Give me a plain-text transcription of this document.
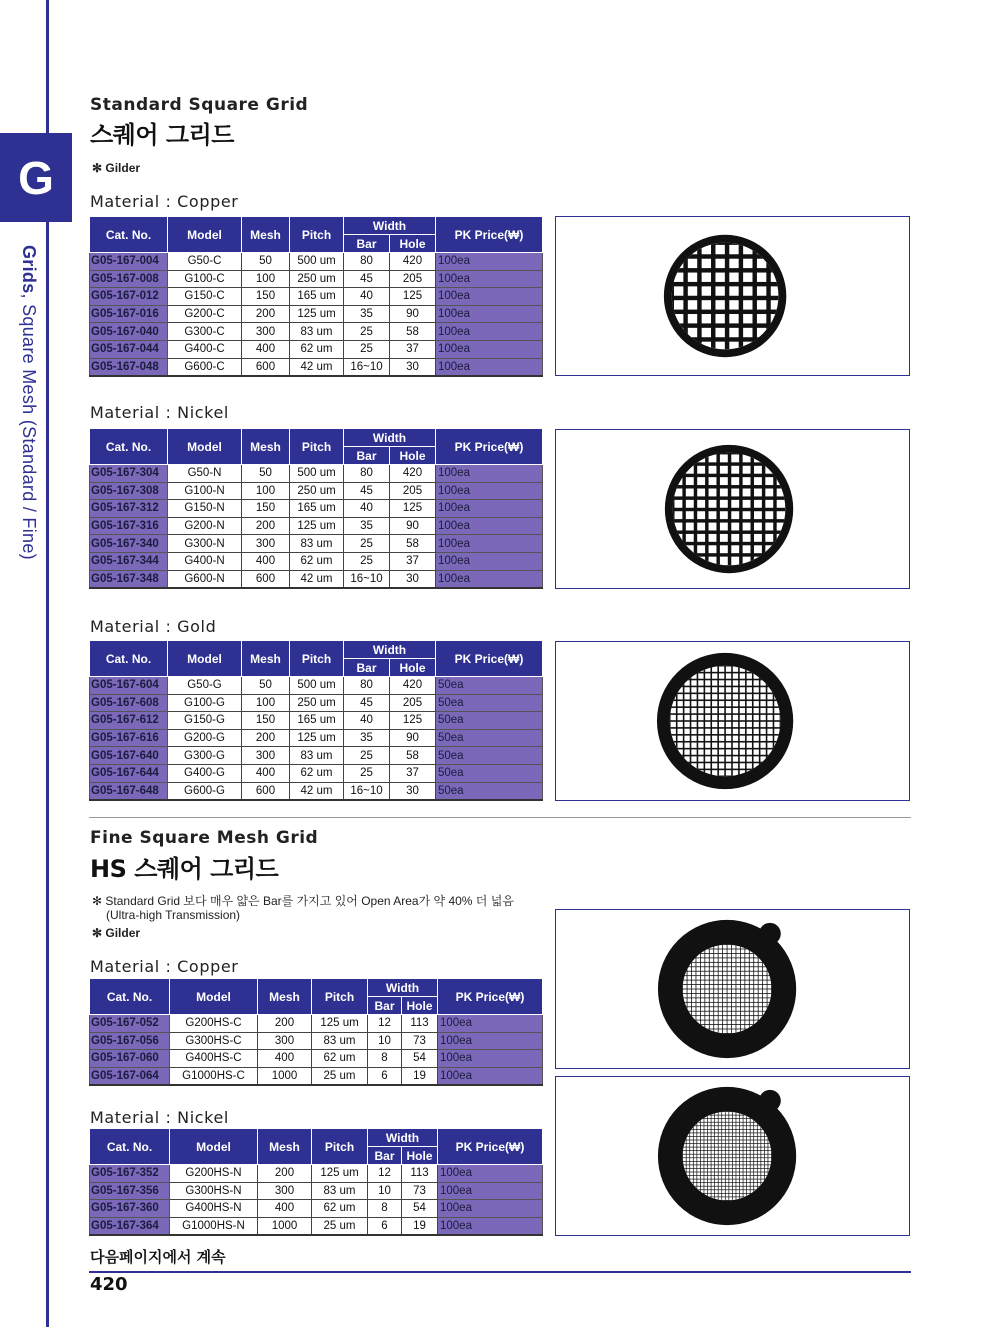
G
Grids, Square Mesh (Standard / Fine)
Standard Square Grid
스퀘어 그리드
✻ Gilder
Material : Copper
Cat. No.	Model	Mesh	Pitch	Width		PK Price(₩)
				Bar	Hole	
G05-167-004	G50-C	50	500 um	80	420	100ea
G05-167-008	G100-C	100	250 um	45	205	100ea
G05-167-012	G150-C	150	165 um	40	125	100ea
G05-167-016	G200-C	200	125 um	35	90	100ea
G05-167-040	G300-C	300	83 um	25	58	100ea
G05-167-044	G400-C	400	62 um	25	37	100ea
G05-167-048	G600-C	600	42 um	16~10	30	100ea
Material : Nickel
Cat. No.	Model	Mesh	Pitch	Width		PK Price(₩)
				Bar	Hole	
G05-167-304	G50-N	50	500 um	80	420	100ea
G05-167-308	G100-N	100	250 um	45	205	100ea
G05-167-312	G150-N	150	165 um	40	125	100ea
G05-167-316	G200-N	200	125 um	35	90	100ea
G05-167-340	G300-N	300	83 um	25	58	100ea
G05-167-344	G400-N	400	62 um	25	37	100ea
G05-167-348	G600-N	600	42 um	16~10	30	100ea
Material : Gold
Cat. No.	Model	Mesh	Pitch	Width		PK Price(₩)
				Bar	Hole	
G05-167-604	G50-G	50	500 um	80	420	50ea
G05-167-608	G100-G	100	250 um	45	205	50ea
G05-167-612	G150-G	150	165 um	40	125	50ea
G05-167-616	G200-G	200	125 um	35	90	50ea
G05-167-640	G300-G	300	83 um	25	58	50ea
G05-167-644	G400-G	400	62 um	25	37	50ea
G05-167-648	G600-G	600	42 um	16~10	30	50ea
Fine Square Mesh Grid
HS 스퀘어 그리드
✻ Standard Grid 보다 매우 얇은 Bar를 가지고 있어 Open Area가 약 40% 더 넓음
(Ultra-high Transmission)
✻ Gilder
Material : Copper
Cat. No.	Model	Mesh	Pitch	Width		PK Price(₩)
				Bar	Hole	
G05-167-052	G200HS-C	200	125 um	12	113	100ea
G05-167-056	G300HS-C	300	83 um	10	73	100ea
G05-167-060	G400HS-C	400	62 um	8	54	100ea
G05-167-064	G1000HS-C	1000	25 um	6	19	100ea
Material : Nickel
Cat. No.	Model	Mesh	Pitch	Width		PK Price(₩)
				Bar	Hole	
G05-167-352	G200HS-N	200	125 um	12	113	100ea
G05-167-356	G300HS-N	300	83 um	10	73	100ea
G05-167-360	G400HS-N	400	62 um	8	54	100ea
G05-167-364	G1000HS-N	1000	25 um	6	19	100ea
다음페이지에서 계속
420
